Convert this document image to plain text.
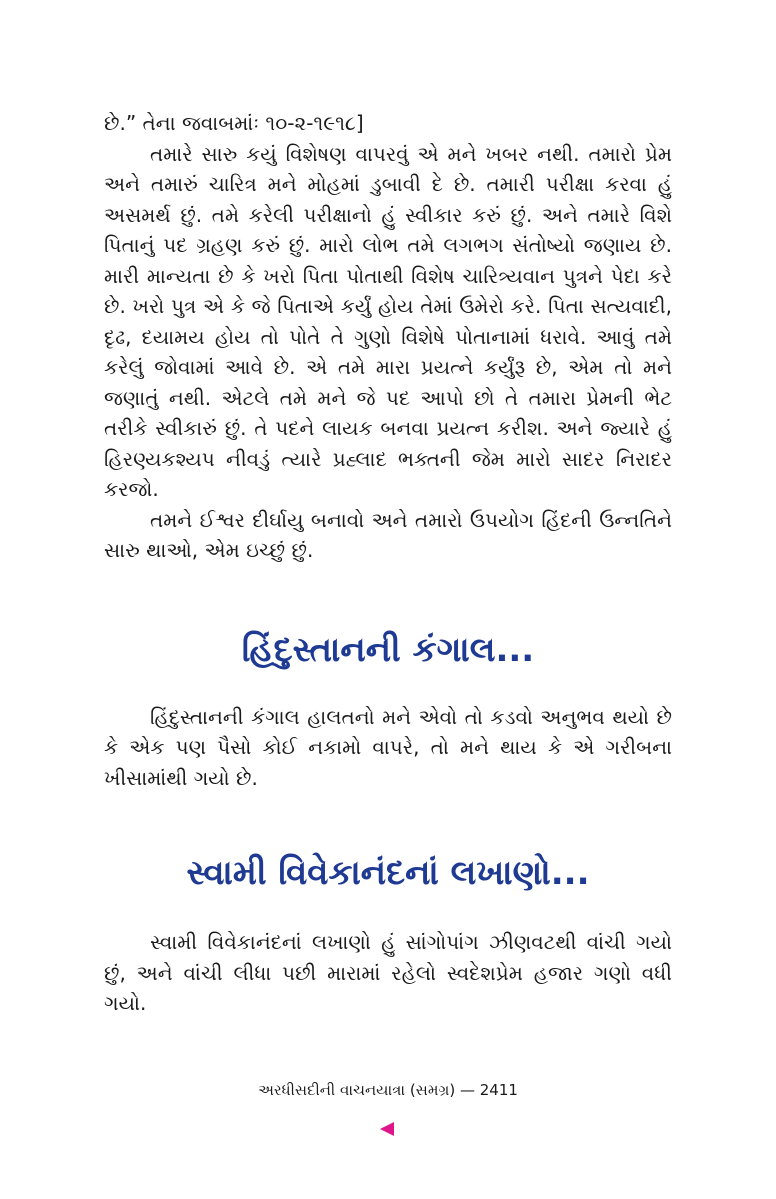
છે.” તેના જવાબમાંઃ ૧૦-૨-૧૯૧૮]

તમારે સારુ કયું વિશેષણ વાપરવું એ મને ખબર નથી. તમારો પ્રેમ અને તમારું ચારિત્ર મને મોહમાં ડુબાવી દે છે. તમારી પરીક્ષા કરવા હું અસમર્થ છું. તમે કરેલી પરીક્ષાનો હું સ્વીકાર કરું છું. અને તમારે વિશે પિતાનું પદ ગ્રહણ કરું છું. મારો લોભ તમે લગભગ સંતોષ્યો જણાય છે. મારી માન્યતા છે કે ખરો પિતા પોતાથી વિશેષ ચારિત્ર્યવાન પુત્રને પેદા કરે છે. ખરો પુત્ર એ કે જે પિતાએ કર્યું હોય તેમાં ઉમેરો કરે. પિતા સત્યવાદી, દૃઢ, દયામય હોય તો પોતે તે ગુણો વિશેષે પોતાનામાં ધરાવે. આવું તમે કરેલું જોવામાં આવે છે. એ તમે મારા પ્રયત્ને કર્યુંરૂ છે, એમ તો મને જણાતું નથી. એટલે તમે મને જે પદ આપો છો તે તમારા પ્રેમની ભેટ તરીકે સ્વીકારું છું. તે પદને લાયક બનવા પ્રયત્ન કરીશ. અને જ્યારે હું હિરણ્યકશ્યપ નીવડું ત્યારે પ્રહ્લાદ ભક્તની જેમ મારો સાદર નિરાદર કરજો.

તમને ઈશ્વર દીર્ઘાયુ બનાવો અને તમારો ઉપયોગ હિંદની ઉન્નતિને સારુ થાઓ, એમ ઇચ્છું છું.

હિંદુસ્તાનની કંગાલ...

હિંદુસ્તાનની કંગાલ હાલતનો મને એવો તો કડવો અનુભવ થયો છે કે એક પણ પૈસો કોઈ નકામો વાપરે, તો મને થાય કે એ ગરીબના ખીસામાંથી ગયો છે.

સ્વામી વિવેકાનંદનાં લખાણો...

સ્વામી વિવેકાનંદનાં લખાણો હું સાંગોપાંગ ઝીણવટથી વાંચી ગયો છું, અને વાંચી લીધા પછી મારામાં રહેલો સ્વદેશપ્રેમ હજાર ગણો વધી ગયો.

અરધીસદીની વાચનયાત્રા (સમગ્ર) — 2411
